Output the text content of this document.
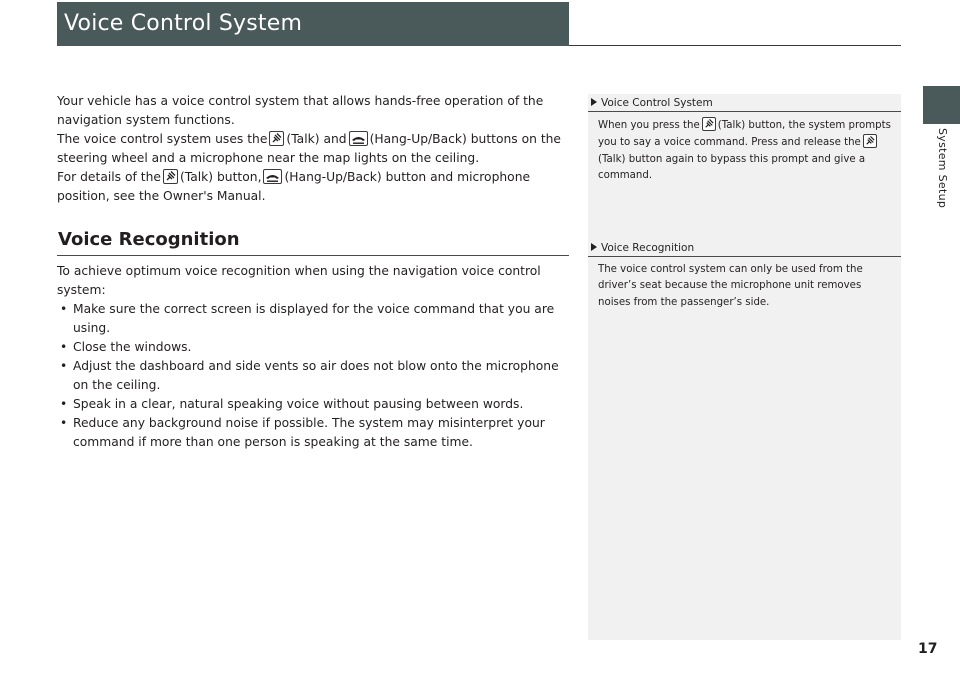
Voice Control System
System Setup

Your vehicle has a voice control system that allows hands-free operation of the navigation system functions.

The voice control system uses the (Talk) and (Hang-Up/Back) buttons on the steering wheel and a microphone near the map lights on the ceiling.

For details of the (Talk) button, (Hang-Up/Back) button and microphone position, see the Owner's Manual.

Voice Recognition

To achieve optimum voice recognition when using the navigation voice control system:

• Make sure the correct screen is displayed for the voice command that you are using.
• Close the windows.
• Adjust the dashboard and side vents so air does not blow onto the microphone on the ceiling.
• Speak in a clear, natural speaking voice without pausing between words.
• Reduce any background noise if possible. The system may misinterpret your command if more than one person is speaking at the same time.
Voice Control System
When you press the (Talk) button, the system prompts you to say a voice command. Press and release the
(Talk) button again to bypass this prompt and give a command.
Voice Recognition
The voice control system can only be used from the driver’s seat because the microphone unit removes noises from the passenger’s side.
17
